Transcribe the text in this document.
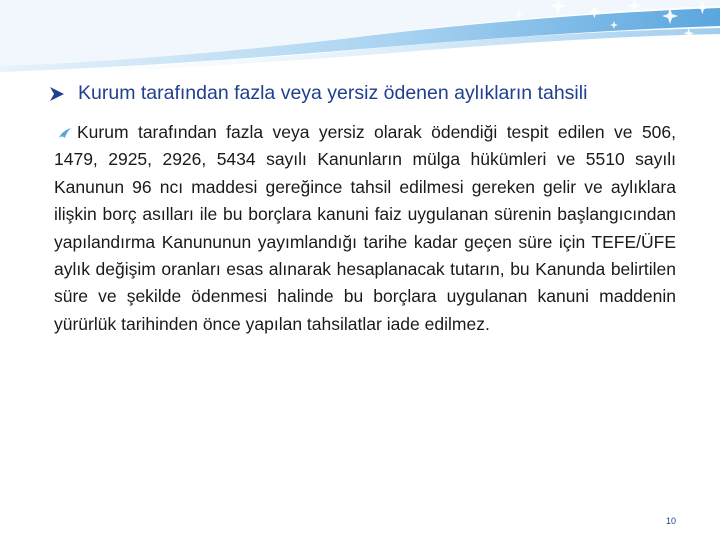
Kurum tarafından fazla veya yersiz ödenen aylıkların tahsili
Kurum tarafından fazla veya yersiz olarak ödendiği tespit edilen ve 506, 1479, 2925, 2926, 5434 sayılı Kanunların mülga hükümleri ve 5510 sayılı Kanunun 96 ncı maddesi gereğince tahsil edilmesi gereken gelir ve aylıklara ilişkin borç asılları ile bu borçlara kanuni faiz uygulanan sürenin başlangıcından yapılandırma Kanununun yayımlandığı tarihe kadar geçen süre için TEFE/ÜFE aylık değişim oranları esas alınarak hesaplanacak tutarın, bu Kanunda belirtilen süre ve şekilde ödenmesi halinde bu borçlara uygulanan kanuni maddenin yürürlük tarihinden önce yapılan tahsilatlar iade edilmez.
10
